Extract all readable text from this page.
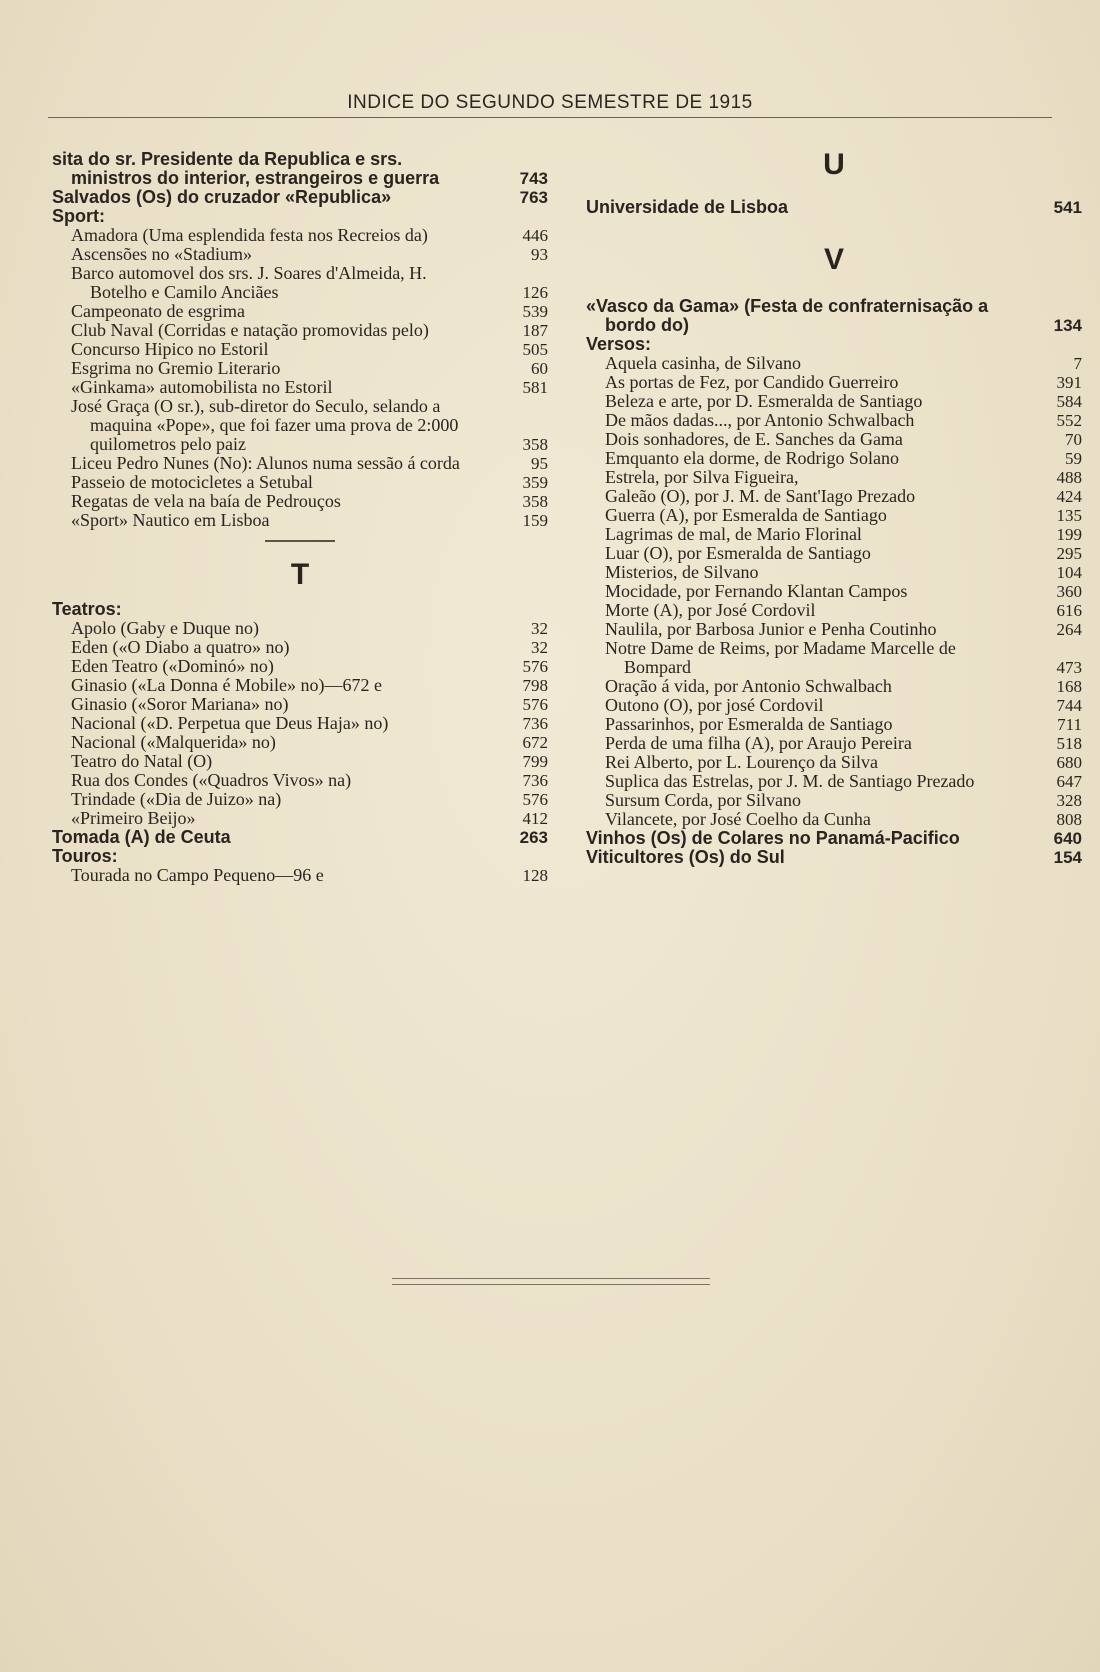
INDICE DO SEGUNDO SEMESTRE DE 1915
sita do sr. Presidente da Republica e srs. ministros do interior, estrangeiros e guerra	743
Salvados (Os) do cruzador «Republica»	763
Sport:
Amadora (Uma esplendida festa nos Recreios da)	446
Ascensões no «Stadium»	93
Barco automovel dos srs. J. Soares d'Almeida, H. Botelho e Camilo Anciães	126
Campeonato de esgrima	539
Club Naval (Corridas e natação promovidas pelo)	187
Concurso Hipico no Estoril	505
Esgrima no Gremio Literario	60
«Ginkama» automobilista no Estoril	581
José Graça (O sr.), sub-diretor do Seculo, selando a maquina «Pope», que foi fazer uma prova de 2:000 quilometros pelo paiz	358
Liceu Pedro Nunes (No): Alunos numa sessão á corda	95
Passeio de motocicletes a Setubal	359
Regatas de vela na baía de Pedrouços	358
«Sport» Nautico em Lisboa	159
T
Teatros:
Apolo (Gaby e Duque no)	32
Eden («O Diabo a quatro» no)	32
Eden Teatro («Dominó» no)	576
Ginasio («La Donna é Mobile» no)—672 e	798
Ginasio («Soror Mariana» no)	576
Nacional («D. Perpetua que Deus Haja» no)	736
Nacional («Malquerida» no)	672
Teatro do Natal (O)	799
Rua dos Condes («Quadros Vivos» na)	736
Trindade («Dia de Juizo» na)	576
«Primeiro Beijo»	412
Tomada (A) de Ceuta	263
Touros:
Tourada no Campo Pequeno—96 e	128
U
Universidade de Lisboa	541
V
«Vasco da Gama» (Festa de confraternisação a bordo do)	134
Versos:
Aquela casinha, de Silvano	7
As portas de Fez, por Candido Guerreiro	391
Beleza e arte, por D. Esmeralda de Santiago	584
De mãos dadas..., por Antonio Schwalbach	552
Dois sonhadores, de E. Sanches da Gama	70
Emquanto ela dorme, de Rodrigo Solano	59
Estrela, por Silva Figueira,	488
Galeão (O), por J. M. de Sant'Iago Prezado	424
Guerra (A), por Esmeralda de Santiago	135
Lagrimas de mal, de Mario Florinal	199
Luar (O), por Esmeralda de Santiago	295
Misterios, de Silvano	104
Mocidade, por Fernando Klantan Campos	360
Morte (A), por José Cordovil	616
Naulila, por Barbosa Junior e Penha Coutinho	264
Notre Dame de Reims, por Madame Marcelle de Bompard	473
Oração á vida, por Antonio Schwalbach	168
Outono (O), por josé Cordovil	744
Passarinhos, por Esmeralda de Santiago	711
Perda de uma filha (A), por Araujo Pereira	518
Rei Alberto, por L. Lourenço da Silva	680
Suplica das Estrelas, por J. M. de Santiago Prezado	647
Sursum Corda, por Silvano	328
Vilancete, por José Coelho da Cunha	808
Vinhos (Os) de Colares no Panamá-Pacifico	640
Viticultores (Os) do Sul	154
